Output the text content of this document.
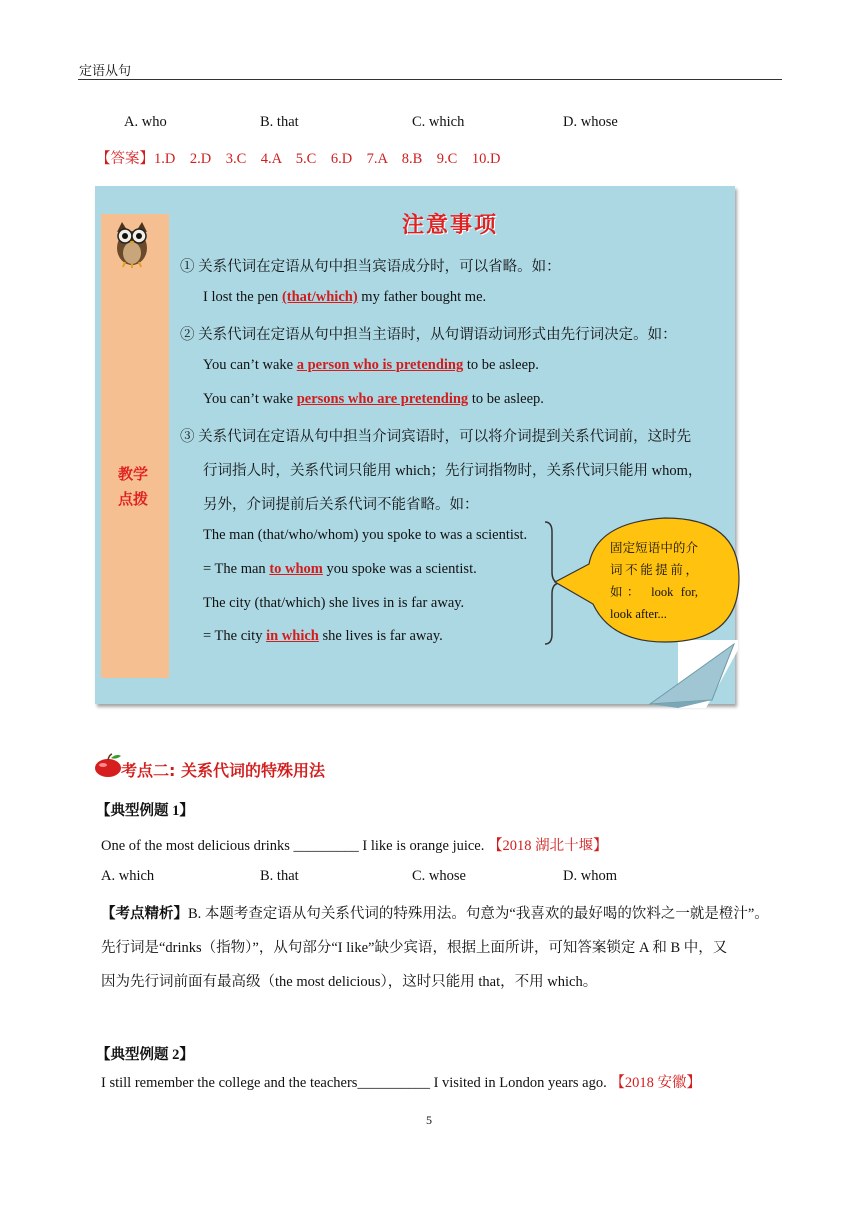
定语从句
A. who	B. that	C. which	D. whose
【答案】1.D    2.D    3.C    4.A    5.C    6.D    7.A    8.B    9.C    10.D
注意事项
教学
点拨
① 关系代词在定语从句中担当宾语成分时，可以省略。如：
I lost the pen (that/which) my father bought me.
② 关系代词在定语从句中担当主语时，从句谓语动词形式由先行词决定。如：
You can’t wake a person who is pretending to be asleep.
You can’t wake persons who are pretending to be asleep.
③ 关系代词在定语从句中担当介词宾语时，可以将介词提到关系代词前，这时先
行词指人时，关系代词只能用 which；先行词指物时，关系代词只能用 whom，
另外，介词提前后关系代词不能省略。如：
The man (that/who/whom) you spoke to was a scientist.
= The man to whom you spoke was a scientist.
The city (that/which) she lives in is far away.
= The city in which she lives is far away.
固定短语中的介词不能提前，如： look for, look after...
考点二: 关系代词的特殊用法
【典型例题 1】
One of the most delicious drinks _________ I like is orange juice. 【2018 湖北十堰】
A. which	B. that	C. whose	D. whom
【考点精析】B. 本题考查定语从句关系代词的特殊用法。句意为“我喜欢的最好喝的饮料之一就是橙汁”。
先行词是“drinks（指物）”，从句部分“I like”缺少宾语，根据上面所讲，可知答案锁定 A 和 B 中，又
因为先行词前面有最高级（the most delicious），这时只能用 that，不用 which。
【典型例题 2】
I still remember the college and the teachers__________ I visited in London years ago. 【2018 安徽】
5
